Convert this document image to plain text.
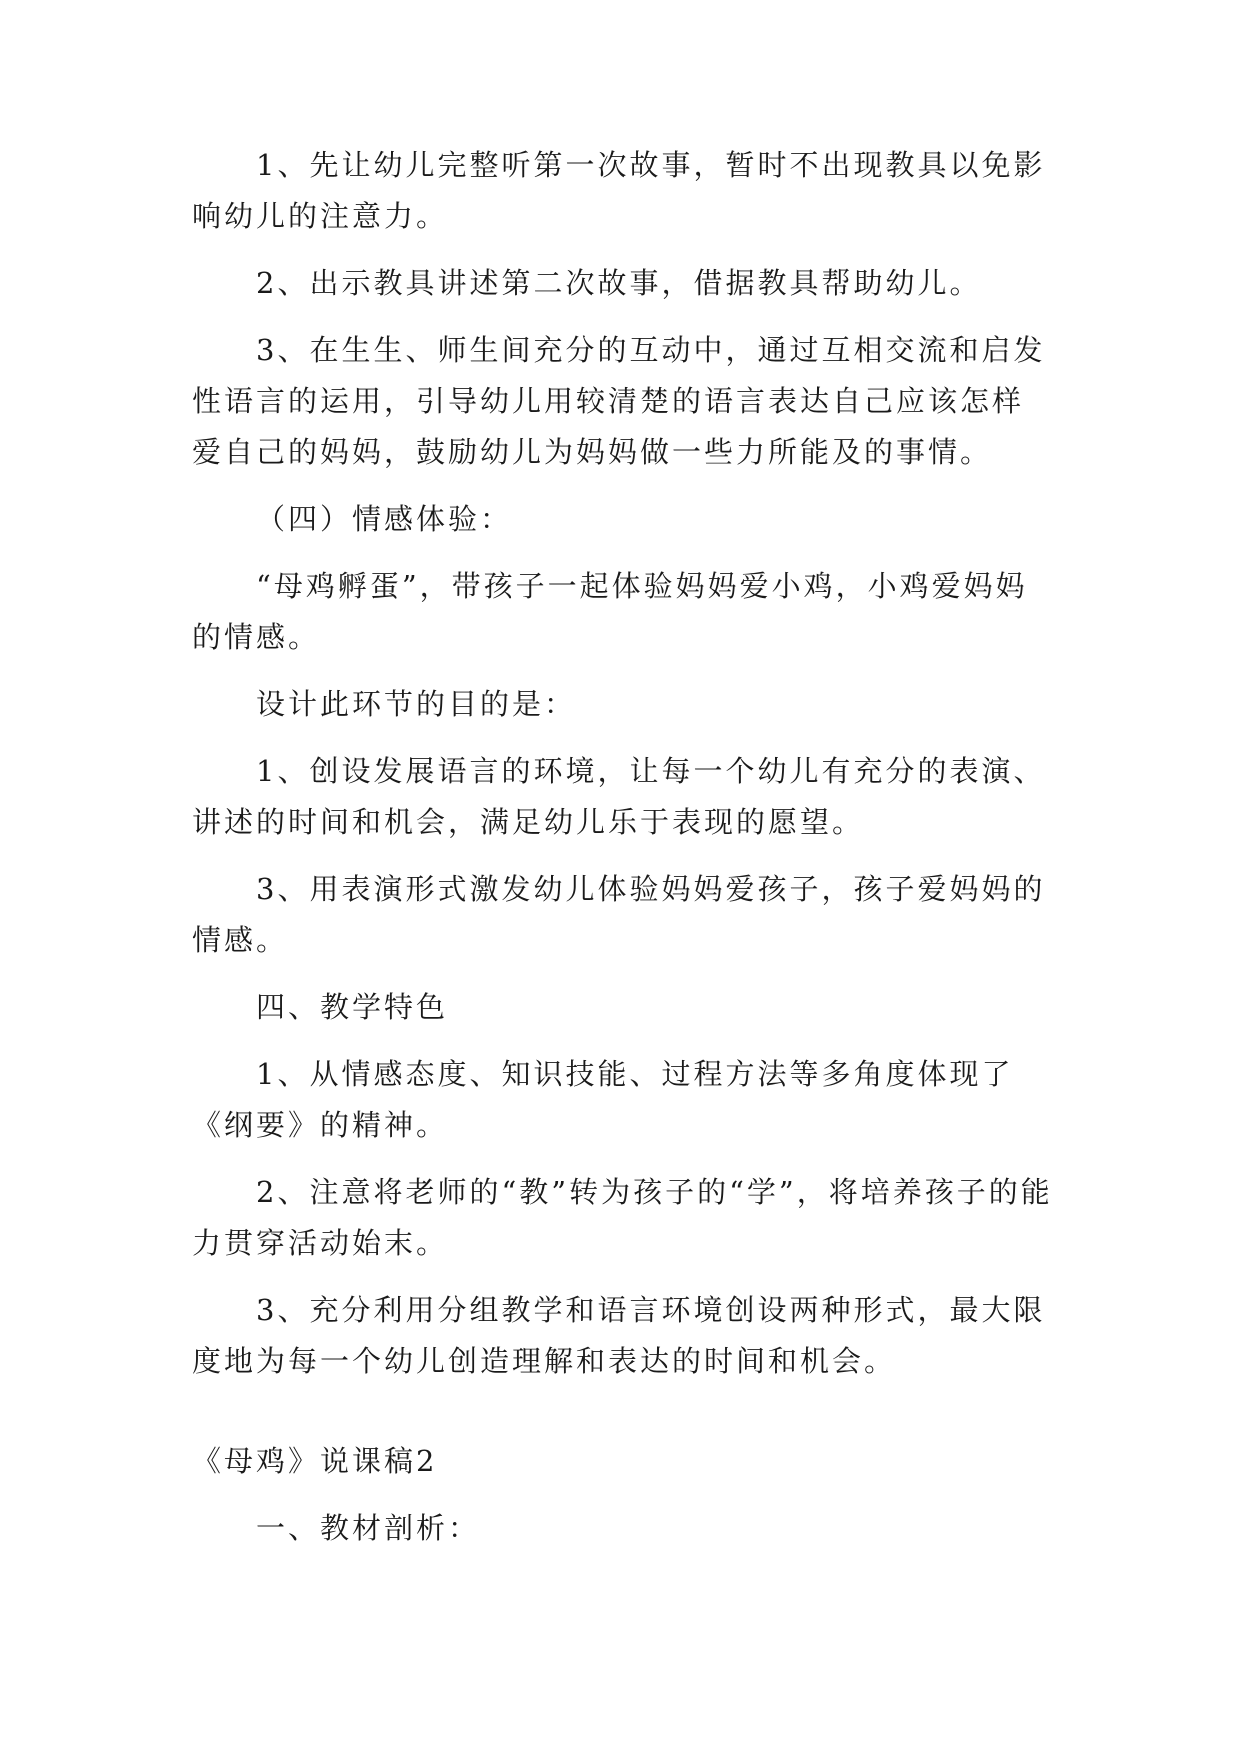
1、先让幼儿完整听第一次故事，暂时不出现教具以免影响幼儿的注意力。

2、出示教具讲述第二次故事，借据教具帮助幼儿。

3、在生生、师生间充分的互动中，通过互相交流和启发性语言的运用，引导幼儿用较清楚的语言表达自己应该怎样爱自己的妈妈，鼓励幼儿为妈妈做一些力所能及的事情。

（四）情感体验：

“母鸡孵蛋”，带孩子一起体验妈妈爱小鸡，小鸡爱妈妈的情感。

设计此环节的目的是：

1、创设发展语言的环境，让每一个幼儿有充分的表演、讲述的时间和机会，满足幼儿乐于表现的愿望。

3、用表演形式激发幼儿体验妈妈爱孩子，孩子爱妈妈的情感。

四、教学特色

1、从情感态度、知识技能、过程方法等多角度体现了《纲要》的精神。

2、注意将老师的“教”转为孩子的“学”，将培养孩子的能力贯穿活动始末。

3、充分利用分组教学和语言环境创设两种形式，最大限度地为每一个幼儿创造理解和表达的时间和机会。

《母鸡》说课稿2

一、教材剖析：
